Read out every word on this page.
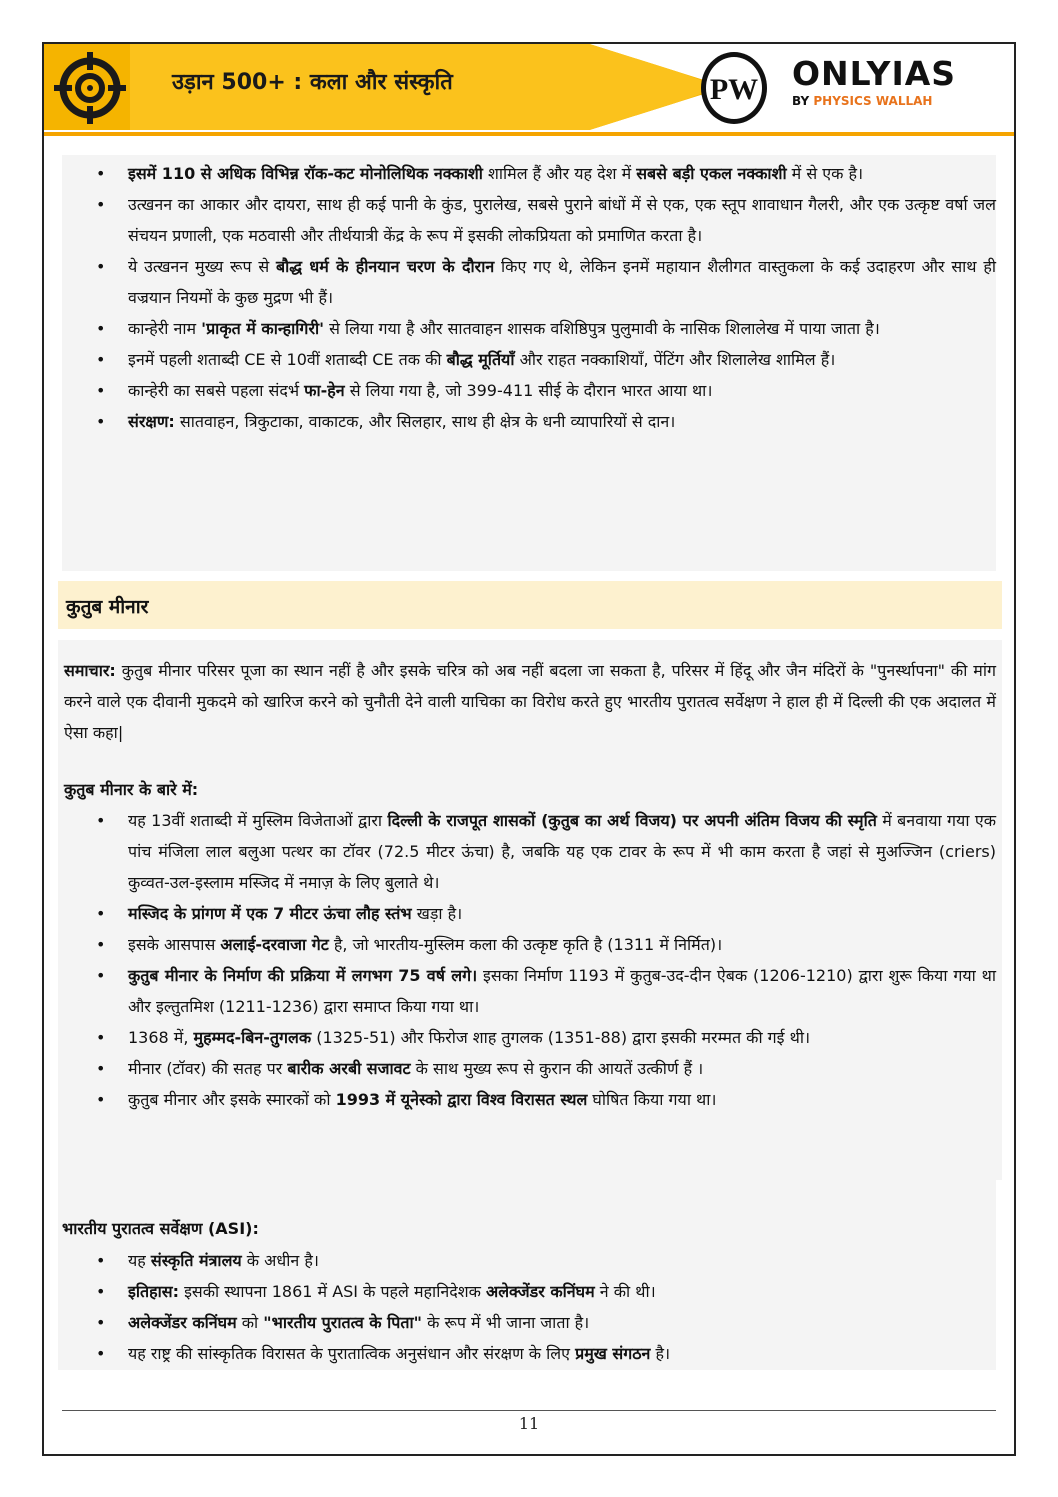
उड़ान 500+ : कला और संस्कृति	PW ONLYIAS
BY PHYSICS WALLAH
• इसमें 110 से अधिक विभिन्न रॉक-कट मोनोलिथिक नक्काशी शामिल हैं और यह देश में सबसे बड़ी एकल नक्काशी में से एक है।
• उत्खनन का आकार और दायरा, साथ ही कई पानी के कुंड, पुरालेख, सबसे पुराने बांधों में से एक, एक स्तूप शावाधान गैलरी, और एक उत्कृष्ट वर्षा जल संचयन प्रणाली, एक मठवासी और तीर्थयात्री केंद्र के रूप में इसकी लोकप्रियता को प्रमाणित करता है।
• ये उत्खनन मुख्य रूप से बौद्ध धर्म के हीनयान चरण के दौरान किए गए थे, लेकिन इनमें महायान शैलीगत वास्तुकला के कई उदाहरण और साथ ही वज्रयान नियमों के कुछ मुद्रण भी हैं।
• कान्हेरी नाम 'प्राकृत में कान्हागिरी' से लिया गया है और सातवाहन शासक वशिष्ठिपुत्र पुलुमावी के नासिक शिलालेख में पाया जाता है।
• इनमें पहली शताब्दी CE से 10वीं शताब्दी CE तक की बौद्ध मूर्तियाँ और राहत नक्काशियाँ, पेंटिंग और शिलालेख शामिल हैं।
• कान्हेरी का सबसे पहला संदर्भ फा-हेन से लिया गया है, जो 399-411 सीई के दौरान भारत आया था।
• संरक्षण: सातवाहन, त्रिकुटाका, वाकाटक, और सिलहार, साथ ही क्षेत्र के धनी व्यापारियों से दान।
कुतुब मीनार
समाचार: कुतुब मीनार परिसर पूजा का स्थान नहीं है और इसके चरित्र को अब नहीं बदला जा सकता है, परिसर में हिंदू और जैन मंदिरों के "पुनर्स्थापना" की मांग करने वाले एक दीवानी मुकदमे को खारिज करने को चुनौती देने वाली याचिका का विरोध करते हुए भारतीय पुरातत्व सर्वेक्षण ने हाल ही में दिल्ली की एक अदालत में ऐसा कहा|
कुतुब मीनार के बारे में:
• यह 13वीं शताब्दी में मुस्लिम विजेताओं द्वारा दिल्ली के राजपूत शासकों (कुतुब का अर्थ विजय) पर अपनी अंतिम विजय की स्मृति में बनवाया गया एक पांच मंजिला लाल बलुआ पत्थर का टॉवर (72.5 मीटर ऊंचा) है, जबकि यह एक टावर के रूप में भी काम करता है जहां से मुअज्जिन (criers) कुव्वत-उल-इस्लाम मस्जिद में नमाज़ के लिए बुलाते थे।
• मस्जिद के प्रांगण में एक 7 मीटर ऊंचा लौह स्तंभ खड़ा है।
• इसके आसपास अलाई-दरवाजा गेट है, जो भारतीय-मुस्लिम कला की उत्कृष्ट कृति है (1311 में निर्मित)।
• कुतुब मीनार के निर्माण की प्रक्रिया में लगभग 75 वर्ष लगे। इसका निर्माण 1193 में कुतुब-उद-दीन ऐबक (1206-1210) द्वारा शुरू किया गया था और इल्तुतमिश (1211-1236) द्वारा समाप्त किया गया था।
• 1368 में, मुहम्मद-बिन-तुगलक (1325-51) और फिरोज शाह तुगलक (1351-88) द्वारा इसकी मरम्मत की गई थी।
• मीनार (टॉवर) की सतह पर बारीक अरबी सजावट के साथ मुख्य रूप से कुरान की आयतें उत्कीर्ण हैं ।
• कुतुब मीनार और इसके स्मारकों को 1993 में यूनेस्को द्वारा विश्व विरासत स्थल घोषित किया गया था।
भारतीय पुरातत्व सर्वेक्षण (ASI):
• यह संस्कृति मंत्रालय के अधीन है।
• इतिहास: इसकी स्थापना 1861 में ASI के पहले महानिदेशक अलेक्जेंडर कनिंघम ने की थी।
• अलेक्जेंडर कनिंघम को "भारतीय पुरातत्व के पिता" के रूप में भी जाना जाता है।
• यह राष्ट्र की सांस्कृतिक विरासत के पुरातात्विक अनुसंधान और संरक्षण के लिए प्रमुख संगठन है।
11
